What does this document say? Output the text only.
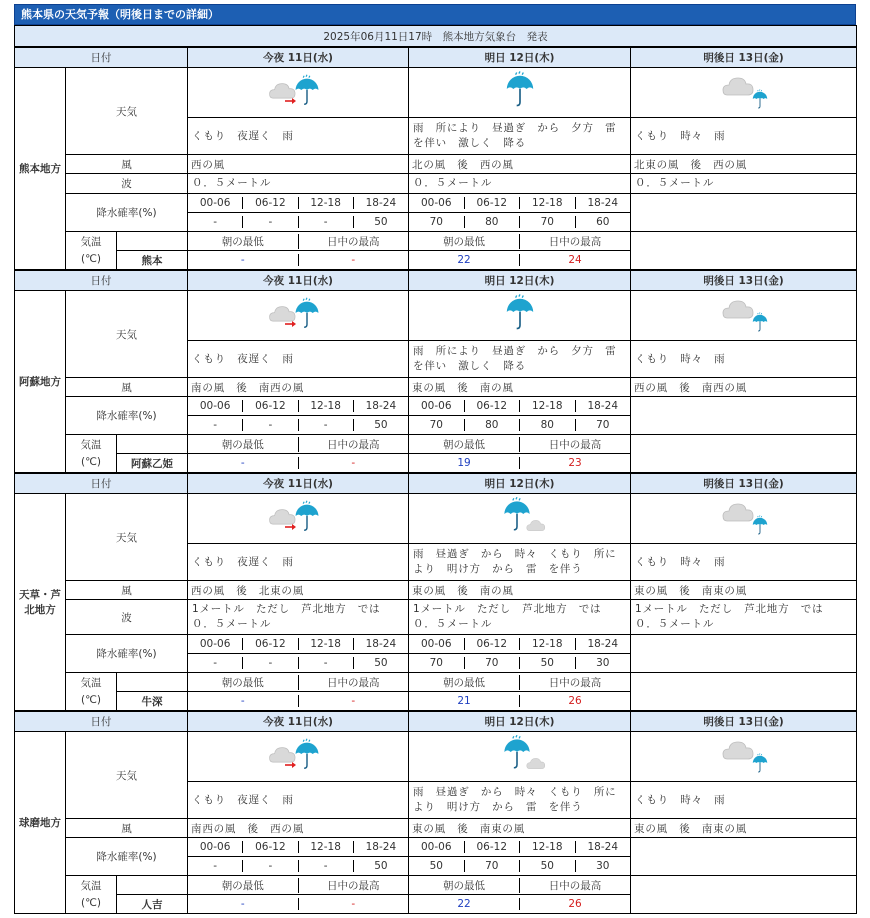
熊本県の天気予報（明後日までの詳細）
2025年06月11日17時　熊本地方気象台　発表
日付			今夜 11日(水)	明日 12日(木)	明後日 13日(金)
熊本地方	天気			
			くもり　夜遅く　雨	雨　所により　昼過ぎ　から　夕方　雷を伴い　激しく　降る	くもり　時々　雨
	風		西の風	北の風　後　西の風	北東の風　後　西の風
	波		０．５メートル	０．５メートル	０．５メートル
	降水確率(%)		00-06 06-12 12-18 18-24	00-06 06-12 12-18 18-24	

			- - - 50	70 80 70 60	

	気温
(℃)		朝の最低 日中の最高	朝の最低 日中の最高	

		熊本	- -	22 24	
日付			今夜 11日(水)	明日 12日(木)	明後日 13日(金)
阿蘇地方	天気			
			くもり　夜遅く　雨	雨　所により　昼過ぎ　から　夕方　雷を伴い　激しく　降る	くもり　時々　雨
	風		南の風　後　南西の風	東の風　後　南の風	西の風　後　南西の風
	降水確率(%)		00-06 06-12 12-18 18-24	00-06 06-12 12-18 18-24	

			- - - 50	70 80 80 70	

	気温
(℃)		朝の最低 日中の最高	朝の最低 日中の最高	

		阿蘇乙姫	- -	19 23	
日付			今夜 11日(水)	明日 12日(木)	明後日 13日(金)
天草・芦
北地方	天気			
			くもり　夜遅く　雨	雨　昼過ぎ　から　時々　くもり　所により　明け方　から　雷　を伴う	くもり　時々　雨
	風		西の風　後　北東の風	東の風　後　南の風	東の風　後　南東の風
	波		1メートル　ただし　芦北地方　では　０．５メートル	1メートル　ただし　芦北地方　では　０．５メートル	1メートル　ただし　芦北地方　では　０．５メートル
	降水確率(%)		00-06 06-12 12-18 18-24	00-06 06-12 12-18 18-24	

			- - - 50	70 70 50 30	

	気温
(℃)		朝の最低 日中の最高	朝の最低 日中の最高	

		牛深	- -	21 26	
日付			今夜 11日(水)	明日 12日(木)	明後日 13日(金)
球磨地方	天気			
			くもり　夜遅く　雨	雨　昼過ぎ　から　時々　くもり　所により　明け方　から　雷　を伴う	くもり　時々　雨
	風		南西の風　後　西の風	東の風　後　南東の風	東の風　後　南東の風
	降水確率(%)		00-06 06-12 12-18 18-24	00-06 06-12 12-18 18-24	

			- - - 50	50 70 50 30	

	気温
(℃)		朝の最低 日中の最高	朝の最低 日中の最高	

		人吉	- -	22 26	
